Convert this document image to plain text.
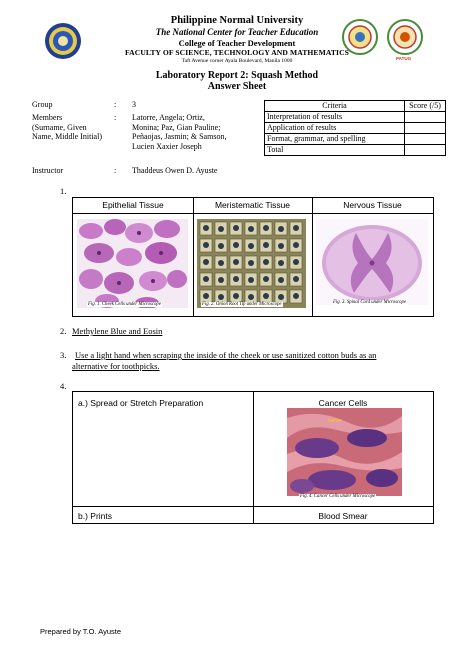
PATUG
Philippine Normal University
The National Center for Teacher Education
College of Teacher Development
FACULTY OF SCIENCE, TECHNOLOGY AND MATHEMATICS
Taft Avenue corner Ayala Boulevard, Manila 1000
Laboratory Report 2: Squash Method
Answer Sheet
Group	: 3
Members
(Surname, Given
Name, Middle Initial)
: Latorre, Angela; Ortiz,
Monina; Paz, Gian Pauline;
Peñaojas, Jasmin; & Samson,
Lucien Xaxier Joseph
Instructor	: Thaddeus Owen D. Ayuste
Criteria	Score (/5)
Interpretation of results	
Application of results	
Format, grammar, and spelling	
Total	
1.
Epithelial Tissue
Fig. 1. Cheek Cells under Microscope
Meristematic Tissue
Fig. 2. Onion Root Tip under Microscope
Nervous Tissue
Fig. 3. Spinal Cord under Microscope
2. Methylene Blue and Eosin
3. Use a light hand when scraping the inside of the cheek or use sanitized cotton buds as an
alternative for toothpicks.
4.
a.) Spread or Stretch Preparation	Cancer Cells
Tumor
Fig. 4. Cancer Cells under Microscope
b.) Prints	Blood Smear
Prepared by T.O. Ayuste
